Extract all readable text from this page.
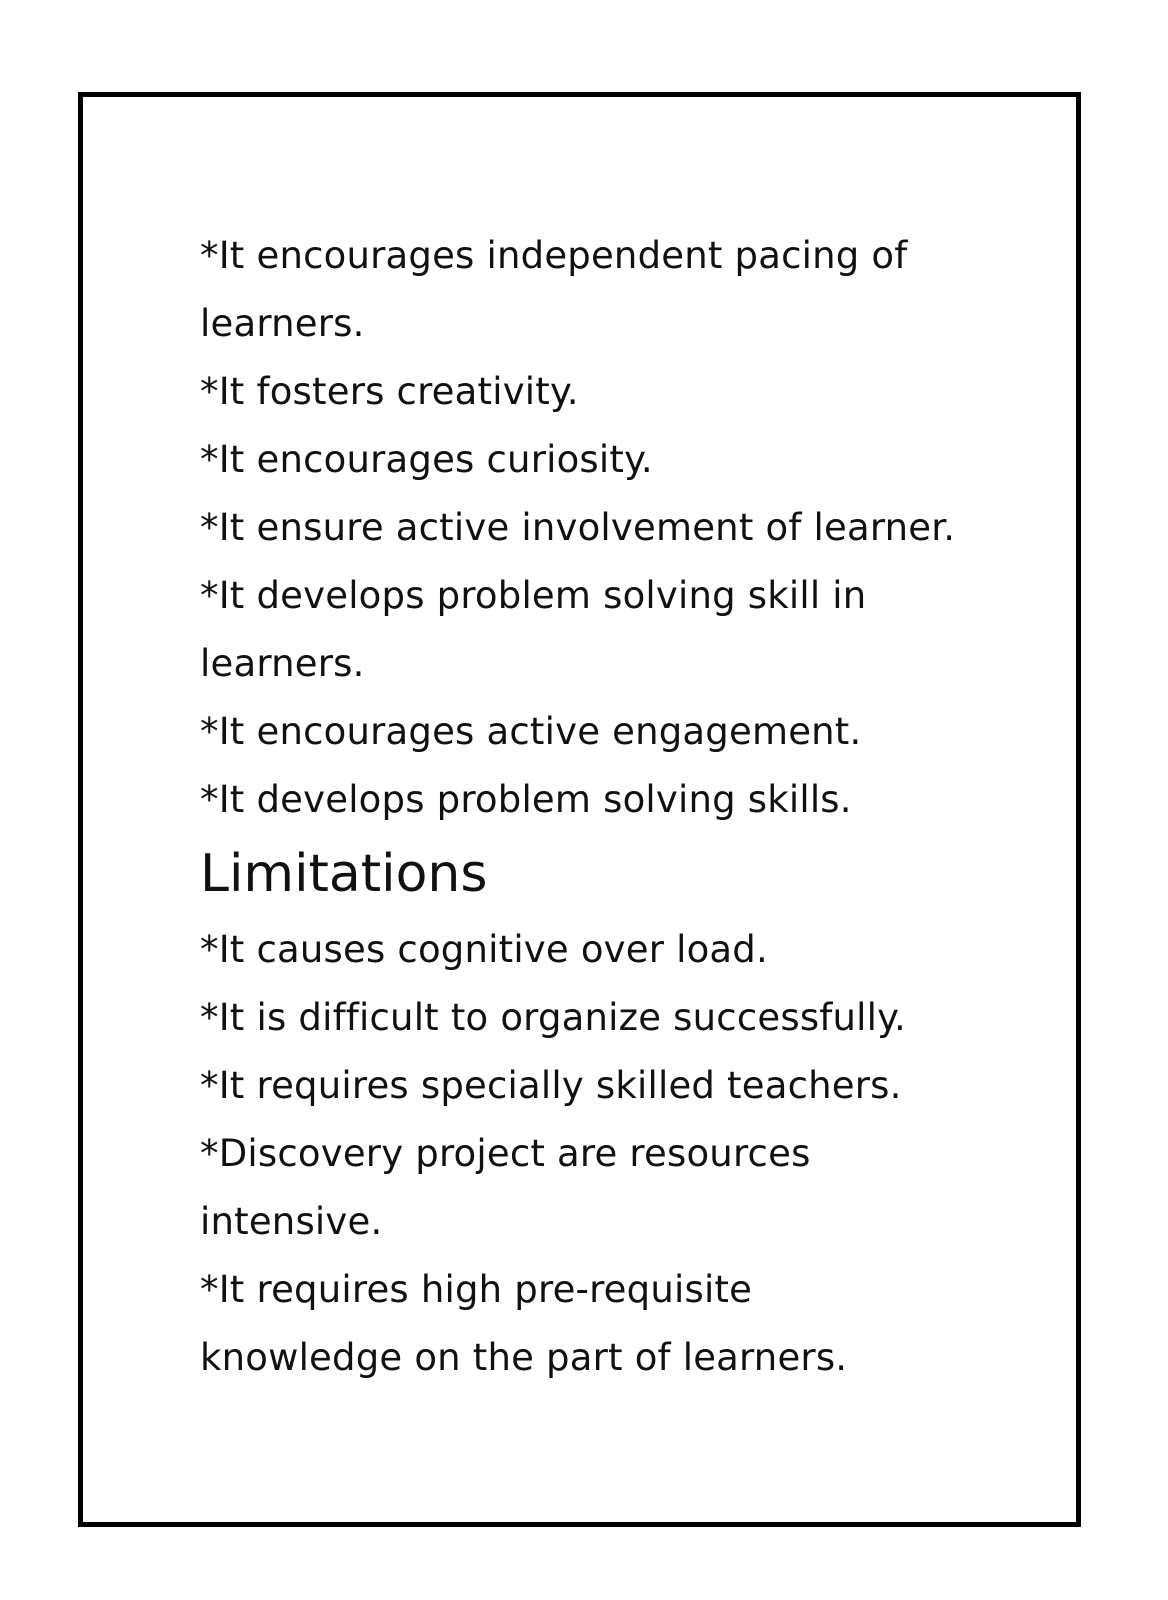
*It encourages independent pacing of
learners.
*It fosters creativity.
*It encourages curiosity.
*It ensure active involvement of learner.
*It develops problem solving skill in
learners.
*It encourages active engagement.
*It develops problem solving skills.
Limitations
*It causes cognitive over load.
*It is difficult to organize successfully.
*It requires specially skilled teachers.
*Discovery project are resources
intensive.
*It requires high pre-requisite
knowledge on the part of learners.
